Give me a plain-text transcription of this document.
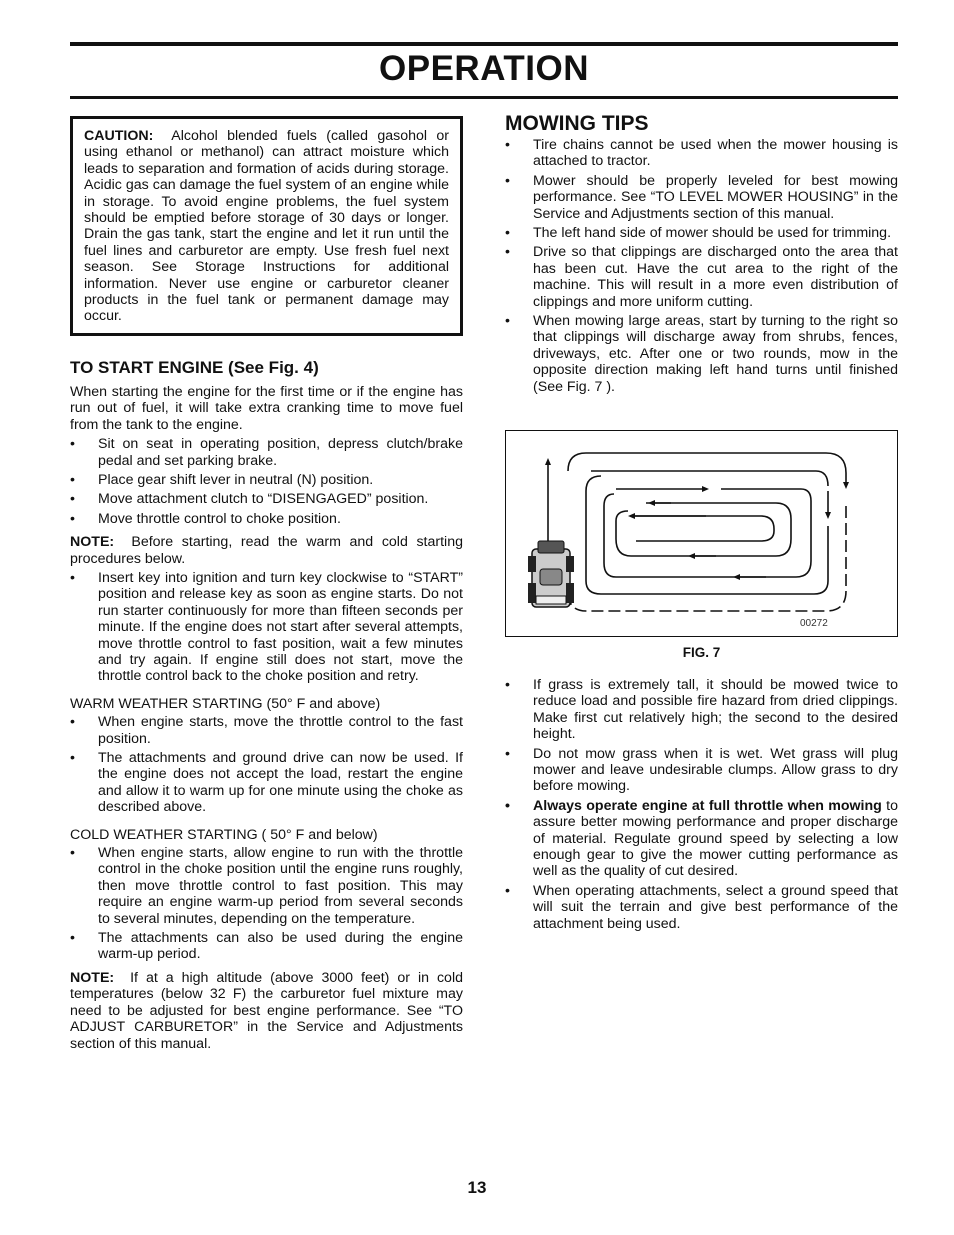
OPERATION
CAUTION: Alcohol blended fuels (called gasohol or using ethanol or methanol) can attract moisture which leads to separation and formation of acids during storage. Acidic gas can damage the fuel system of an engine while in storage. To avoid engine problems, the fuel system should be emptied before storage of 30 days or longer. Drain the gas tank, start the engine and let it run until the fuel lines and carburetor are empty. Use fresh fuel next season. See Storage Instructions for additional information. Never use engine or carburetor cleaner products in the fuel tank or permanent damage may occur.
TO START ENGINE (See Fig. 4)

When starting the engine for the first time or if the engine has run out of fuel, it will take extra cranking time to move fuel from the tank to the engine.

•	Sit on seat in operating position, depress clutch/brake pedal and set parking brake.
•	Place gear shift lever in neutral (N) position.
•	Move attachment clutch to “DISENGAGED” position.
•	Move throttle control to choke position.

NOTE: Before starting, read the warm and cold starting procedures below.

•	Insert key into ignition and turn key clockwise to “START” position and release key as soon as engine starts. Do not run starter continuously for more than fifteen seconds per minute. If the engine does not start after several attempts, move throttle control to fast position, wait a few minutes and try again. If engine still does not start, move the throttle control back to the choke position and retry.

WARM WEATHER STARTING (50° F and above)

•	When engine starts, move the throttle control to the fast position.
•	The attachments and ground drive can now be used. If the engine does not accept the load, restart the engine and allow it to warm up for one minute using the choke as described above.

COLD WEATHER STARTING ( 50° F and below)

•	When engine starts, allow engine to run with the throttle control in the choke position until the engine runs roughly, then move throttle control to fast position. This may require an engine warm-up period from several seconds to several minutes, depending on the temperature.
•	The attachments can also be used during the engine warm-up period.

NOTE: If at a high altitude (above 3000 feet) or in cold temperatures (below 32 F) the carburetor fuel mixture may need to be adjusted for best engine performance. See “TO ADJUST CARBURETOR” in the Service and Adjustments section of this manual.

MOWING TIPS
•	Tire chains cannot be used when the mower housing is attached to tractor.
•	Mower should be properly leveled for best mowing performance. See “TO LEVEL MOWER HOUSING” in the Service and Adjustments section of this manual.
•	The left hand side of mower should be used for trimming.
•	Drive so that clippings are discharged onto the area that has been cut. Have the cut area to the right of the machine. This will result in a more even distribution of clippings and more uniform cutting.
•	When mowing large areas, start by turning to the right so that clippings will discharge away from shrubs, fences, driveways, etc. After one or two rounds, mow in the opposite direction making left hand turns until finished (See Fig. 7 ).
00272
FIG. 7
•	If grass is extremely tall, it should be mowed twice to reduce load and possible fire hazard from dried clippings. Make first cut relatively high; the second to the desired height.
•	Do not mow grass when it is wet. Wet grass will plug mower and leave undesirable clumps. Allow grass to dry before mowing.
•	Always operate engine at full throttle when mowing to assure better mowing performance and proper discharge of material. Regulate ground speed by selecting a low enough gear to give the mower cutting performance as well as the quality of cut desired.
•	When operating attachments, select a ground speed that will suit the terrain and give best performance of the attachment being used.
13
